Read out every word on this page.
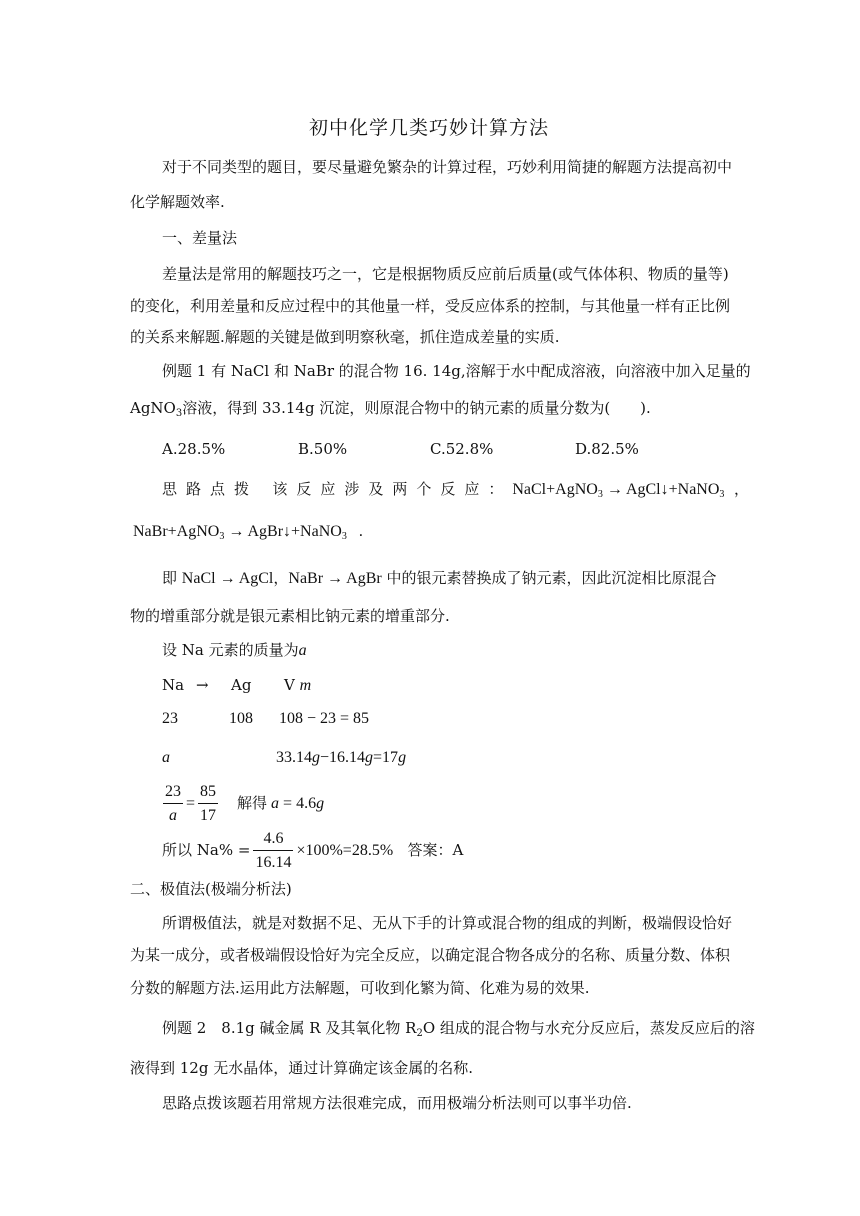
初中化学几类巧妙计算方法
对于不同类型的题目，要尽量避免繁杂的计算过程，巧妙利用简捷的解题方法提高初中
化学解题效率.
一、差量法
差量法是常用的解题技巧之一，它是根据物质反应前后质量(或气体体积、物质的量等)
的变化，利用差量和反应过程中的其他量一样，受反应体系的控制，与其他量一样有正比例
的关系来解题.解题的关键是做到明察秋毫，抓住造成差量的实质.
例题 1 有 NaCl 和 NaBr 的混合物 16. 14g,溶解于水中配成溶液，向溶液中加入足量的
AgNO$_3$溶液，得到 33.14g 沉淀，则原混合物中的钠元素的质量分数为(　　).
A.28.5%	B.50%	C.52.8%	D.82.5%
思路点拨 该反应涉及两个反应：NaCl+AgNO$_3$ → AgCl↓+NaNO$_3$ ，
NaBr+AgNO$_3$ → AgBr↓+NaNO$_3$ .
即 NaCl → AgCl，NaBr → AgBr 中的银元素替换成了钠元素，因此沉淀相比原混合
物的增重部分就是银元素相比钠元素的增重部分.
设 Na 元素的质量为a
Na → Ag V m
23	108 108 − 23 = 85
a	33.14g−16.14g=17g
$\frac{23}{a} = \frac{85}{17}$ 解得 a = 4.6g
所以 $Na\% = \frac{4.6}{16.14} \times 100\%=28.5\%$ 答案：A
二、极值法(极端分析法)
所谓极值法，就是对数据不足、无从下手的计算或混合物的组成的判断，极端假设恰好
为某一成分，或者极端假设恰好为完全反应，以确定混合物各成分的名称、质量分数、体积
分数的解题方法.运用此方法解题，可收到化繁为简、化难为易的效果.
例题 2　8.1g 碱金属 R 及其氧化物 $R_2O$ 组成的混合物与水充分反应后，蒸发反应后的溶
液得到 12g 无水晶体，通过计算确定该金属的名称.
思路点拨该题若用常规方法很难完成，而用极端分析法则可以事半功倍.
